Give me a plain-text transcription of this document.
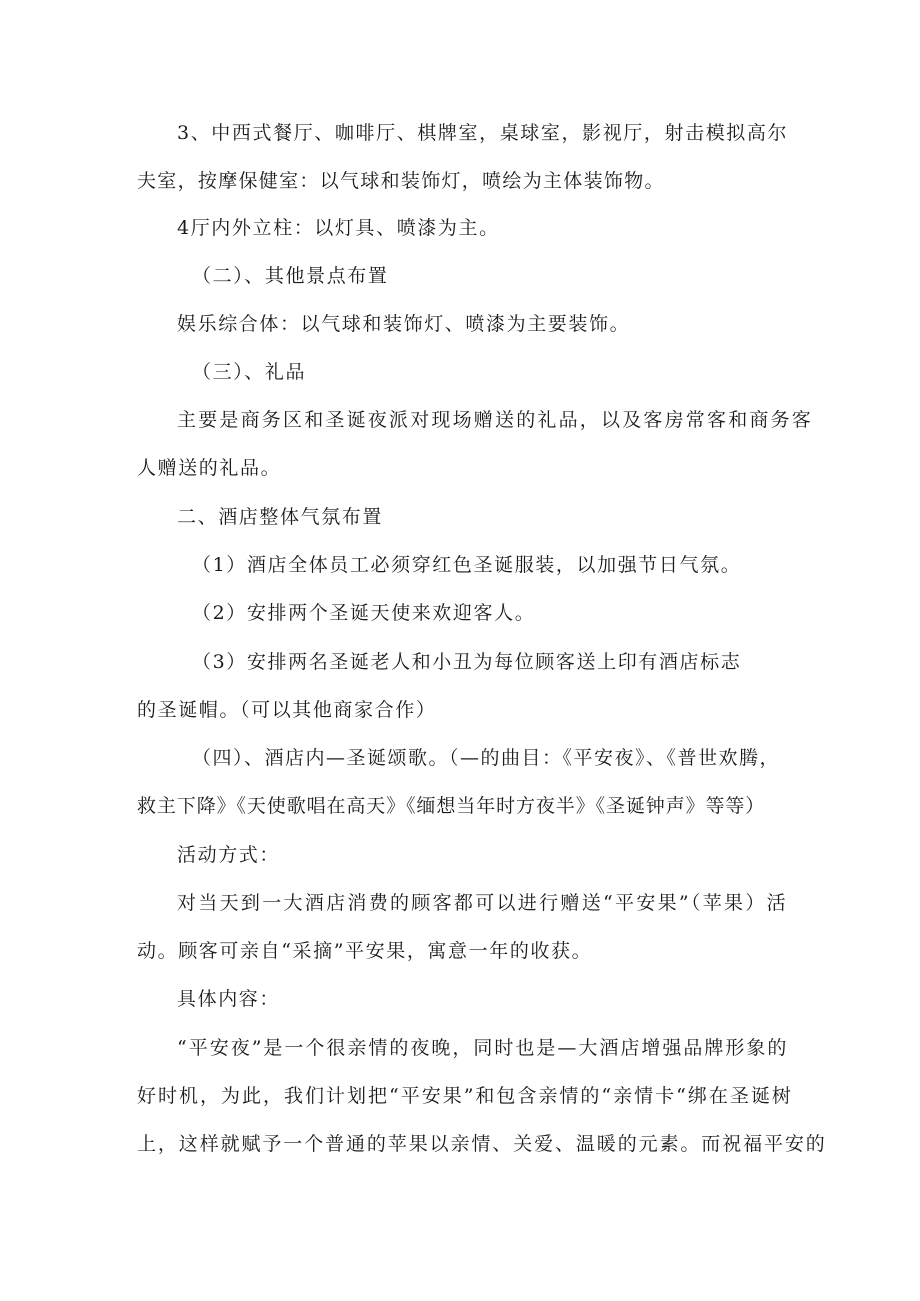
3、中西式餐厅、咖啡厅、棋牌室，桌球室，影视厅，射击模拟高尔
夫室，按摩保健室：以气球和装饰灯，喷绘为主体装饰物。
4厅内外立柱：以灯具、喷漆为主。
（二）、其他景点布置
娱乐综合体：以气球和装饰灯、喷漆为主要装饰。
（三）、礼品
主要是商务区和圣诞夜派对现场赠送的礼品，以及客房常客和商务客
人赠送的礼品。
二、酒店整体气氛布置
（1）酒店全体员工必须穿红色圣诞服装，以加强节日气氛。
（2）安排两个圣诞天使来欢迎客人。
（3）安排两名圣诞老人和小丑为每位顾客送上印有酒店标志
的圣诞帽。（可以其他商家合作）
（四）、酒店内—圣诞颂歌。（—的曲目：《平安夜》、《普世欢腾，
救主下降》《天使歌唱在高天》《缅想当年时方夜半》《圣诞钟声》等等）
活动方式：
对当天到一大酒店消费的顾客都可以进行赠送“平安果”（苹果）活
动。顾客可亲自“采摘”平安果，寓意一年的收获。
具体内容：
“平安夜”是一个很亲情的夜晚，同时也是—大酒店增强品牌形象的
好时机，为此，我们计划把“平安果”和包含亲情的“亲情卡“绑在圣诞树
上，这样就赋予一个普通的苹果以亲情、关爱、温暖的元素。而祝福平安的
